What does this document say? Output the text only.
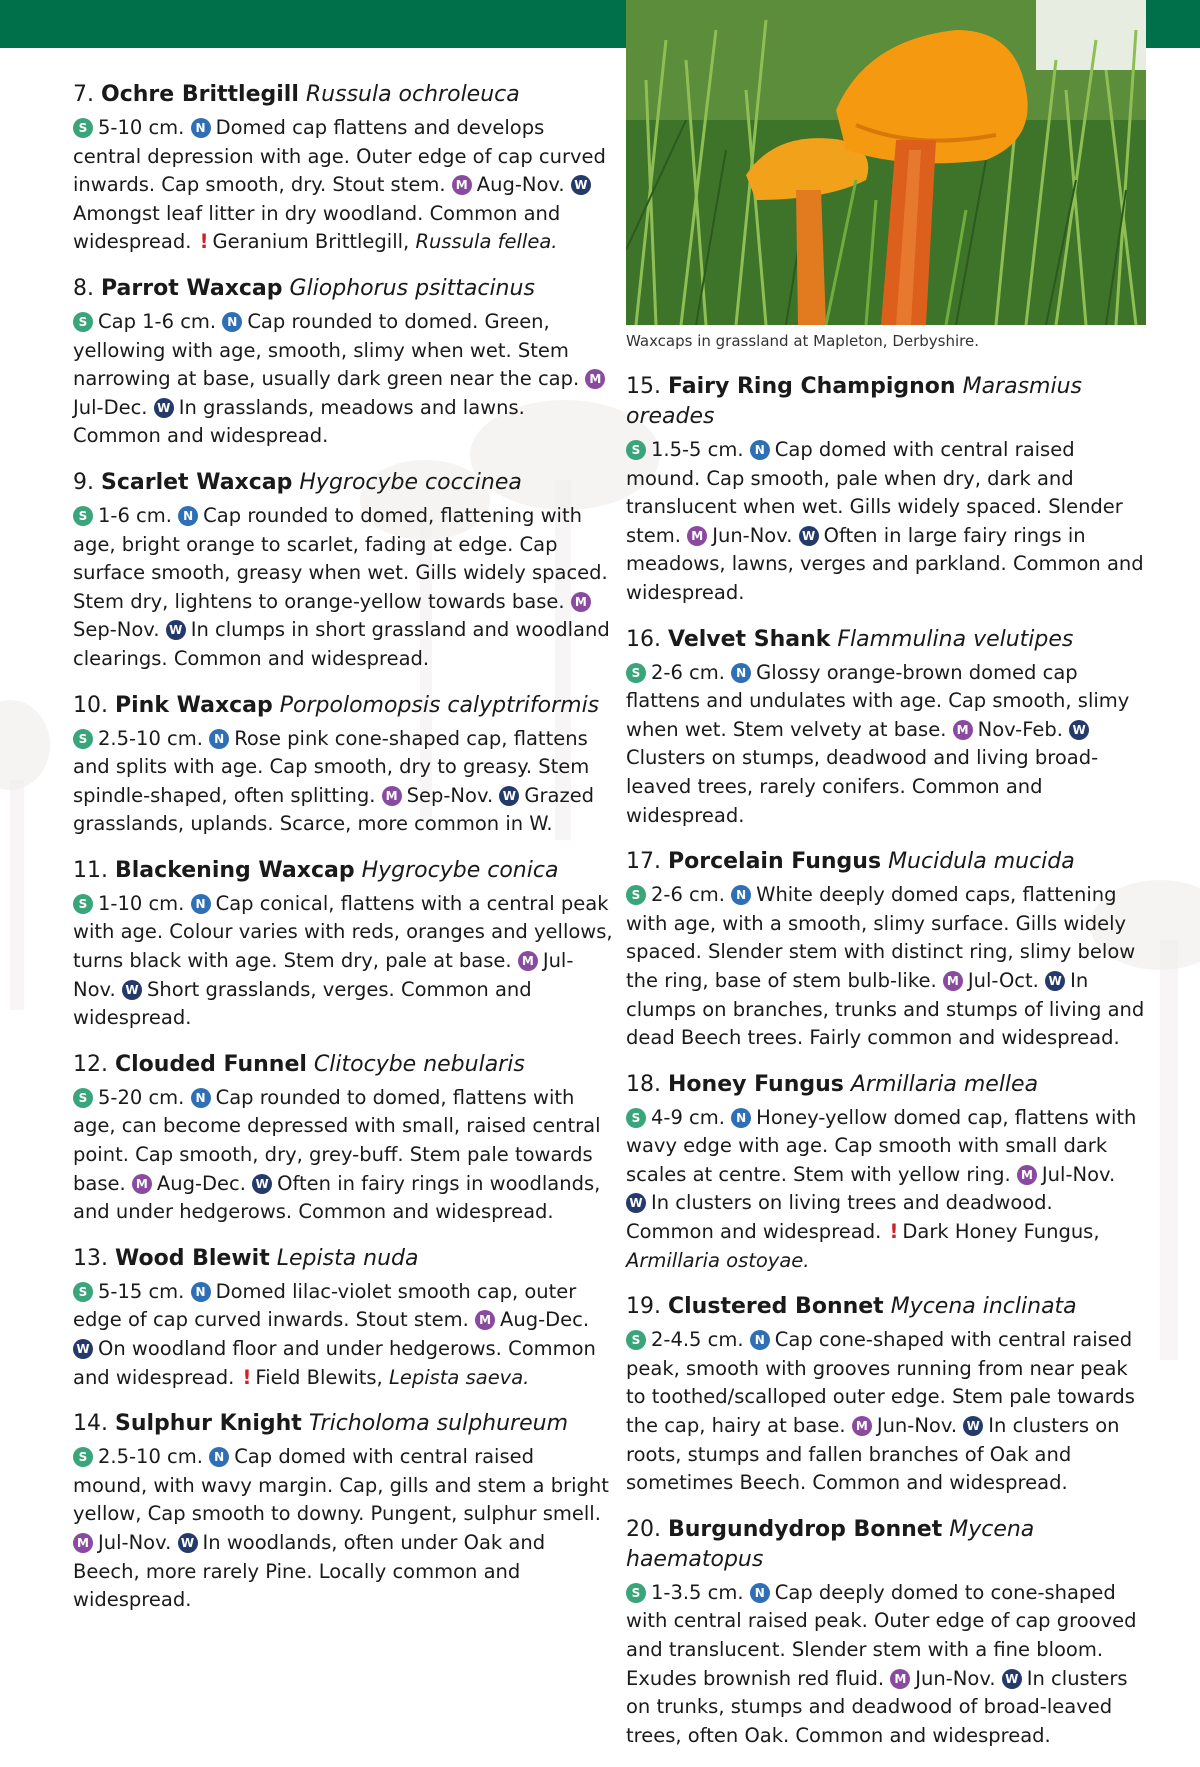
Waxcaps in grassland at Mapleton, Derbyshire.
7. Ochre Brittlegill Russula ochroleuca

S 5-10 cm. N Domed cap flattens and develops central depression with age. Outer edge of cap curved inwards. Cap smooth, dry. Stout stem. M Aug-Nov. WAmongst leaf litter in dry woodland. Common and widespread. ! Geranium Brittlegill, Russula fellea.

8. Parrot Waxcap Gliophorus psittacinus

S Cap 1-6 cm. N Cap rounded to domed. Green, yellowing with age, smooth, slimy when wet. Stem narrowing at base, usually dark green near the cap. MJul-Dec. W In grasslands, meadows and lawns. Common and widespread.

9. Scarlet Waxcap Hygrocybe coccinea

S 1-6 cm. N Cap rounded to domed, flattening with age, bright orange to scarlet, fading at edge. Cap surface smooth, greasy when wet. Gills widely spaced. Stem dry, lightens to orange-yellow towards base. MSep-Nov. W In clumps in short grassland and woodland clearings. Common and widespread.

10. Pink Waxcap Porpolomopsis calyptriformis

S 2.5-10 cm. N Rose pink cone-shaped cap, flattens and splits with age. Cap smooth, dry to greasy. Stem spindle-shaped, often splitting. M Sep-Nov. W Grazed grasslands, uplands. Scarce, more common in W.

11. Blackening Waxcap Hygrocybe conica

S 1-10 cm. N Cap conical, flattens with a central peak with age. Colour varies with reds, oranges and yellows, turns black with age. Stem dry, pale at base. M Jul-Nov. W Short grasslands, verges. Common and widespread.

12. Clouded Funnel Clitocybe nebularis

S 5-20 cm. N Cap rounded to domed, flattens with age, can become depressed with small, raised central point. Cap smooth, dry, grey-buff. Stem pale towards base. M Aug-Dec. W Often in fairy rings in woodlands, and under hedgerows. Common and widespread.

13. Wood Blewit Lepista nuda

S 5-15 cm. N Domed lilac-violet smooth cap, outer edge of cap curved inwards. Stout stem. M Aug-Dec. W On woodland floor and under hedgerows. Common and widespread. ! Field Blewits, Lepista saeva.

14. Sulphur Knight Tricholoma sulphureum

S 2.5-10 cm. N Cap domed with central raised mound, with wavy margin. Cap, gills and stem a bright yellow, Cap smooth to downy. Pungent, sulphur smell. M Jul-Nov. W In woodlands, often under Oak and Beech, more rarely Pine. Locally common and widespread.

15. Fairy Ring Champignon Marasmius oreades

S 1.5-5 cm. N Cap domed with central raised mound. Cap smooth, pale when dry, dark and translucent when wet. Gills widely spaced. Slender stem. M Jun-Nov. W Often in large fairy rings in meadows, lawns, verges and parkland. Common and widespread.

16. Velvet Shank Flammulina velutipes

S 2-6 cm. N Glossy orange-brown domed cap flattens and undulates with age. Cap smooth, slimy when wet. Stem velvety at base. M Nov-Feb. WClusters on stumps, deadwood and living broad-leaved trees, rarely conifers. Common and widespread.

17. Porcelain Fungus Mucidula mucida

S 2-6 cm. N White deeply domed caps, flattening with age, with a smooth, slimy surface. Gills widely spaced. Slender stem with distinct ring, slimy below the ring, base of stem bulb-like. M Jul-Oct. W In clumps on branches, trunks and stumps of living and dead Beech trees. Fairly common and widespread.

18. Honey Fungus Armillaria mellea

S 4-9 cm. N Honey-yellow domed cap, flattens with wavy edge with age. Cap smooth with small dark scales at centre. Stem with yellow ring. M Jul-Nov. W In clusters on living trees and deadwood. Common and widespread. ! Dark Honey Fungus, Armillaria ostoyae.

19. Clustered Bonnet Mycena inclinata

S 2-4.5 cm. N Cap cone-shaped with central raised peak, smooth with grooves running from near peak to toothed/scalloped outer edge. Stem pale towards the cap, hairy at base. M Jun-Nov. W In clusters on roots, stumps and fallen branches of Oak and sometimes Beech. Common and widespread.

20. Burgundydrop Bonnet Mycena haematopus

S 1-3.5 cm. N Cap deeply domed to cone-shaped with central raised peak. Outer edge of cap grooved and translucent. Slender stem with a fine bloom. Exudes brownish red fluid. M Jun-Nov. W In clusters on trunks, stumps and deadwood of broad-leaved trees, often Oak. Common and widespread.
